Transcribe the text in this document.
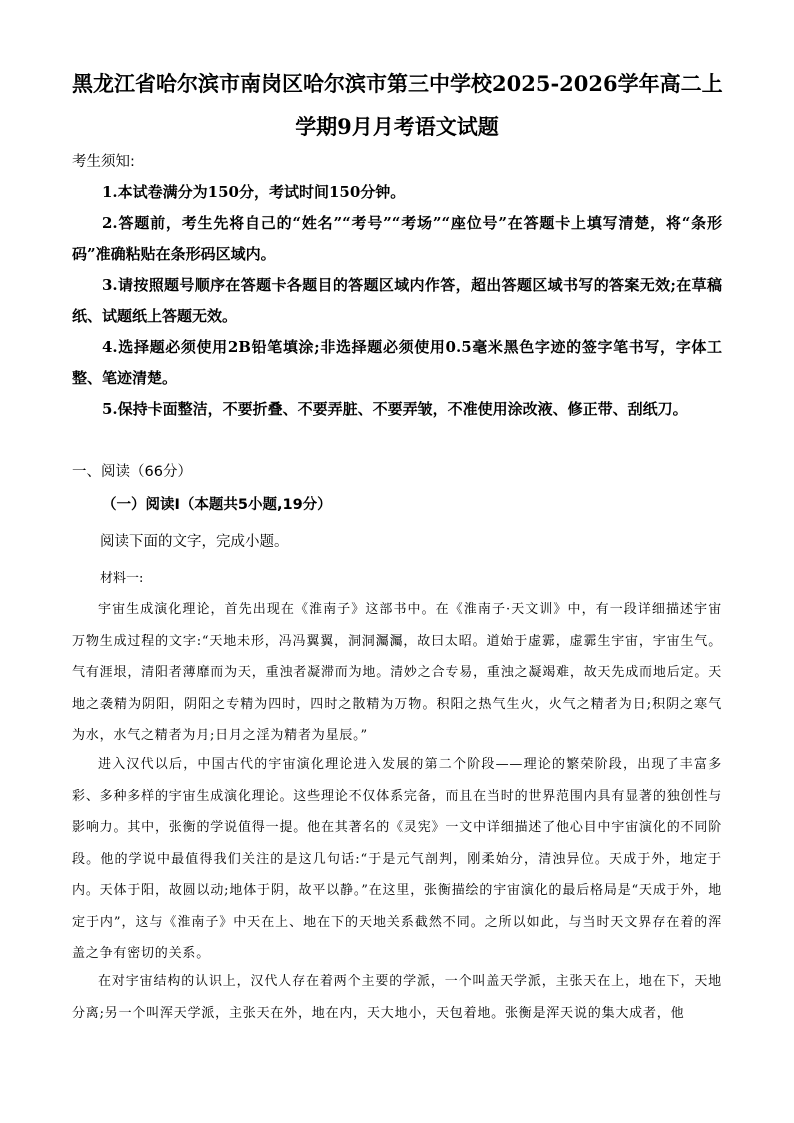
黑龙江省哈尔滨市南岗区哈尔滨市第三中学校2025-2026学年高二上
学期9月月考语文试题
考生须知:
1.本试卷满分为150分，考试时间150分钟。
2.答题前，考生先将自己的“姓名”“考号”“考场”“座位号”在答题卡上填写清楚，将“条形码”准确粘贴在条形码区域内。
3.请按照题号顺序在答题卡各题目的答题区域内作答，超出答题区域书写的答案无效;在草稿纸、试题纸上答题无效。
4.选择题必须使用2B铅笔填涂;非选择题必须使用0.5毫米黑色字迹的签字笔书写，字体工整、笔迹清楚。
5.保持卡面整洁，不要折叠、不要弄脏、不要弄皱，不准使用涂改液、修正带、刮纸刀。
一、阅读（66分）
（一）阅读Ⅰ（本题共5小题,19分）
阅读下面的文字，完成小题。
材料一:
宇宙生成演化理论，首先出现在《淮南子》这部书中。在《淮南子·天文训》中，有一段详细描述宇宙万物生成过程的文字:“天地未形，冯冯翼翼，洞洞灟灟，故曰太昭。道始于虚霩，虚霩生宇宙，宇宙生气。气有涯垠，清阳者薄靡而为天，重浊者凝滞而为地。清妙之合专易，重浊之凝竭难，故天先成而地后定。天地之袭精为阴阳，阴阳之专精为四时，四时之散精为万物。积阳之热气生火，火气之精者为日;积阴之寒气为水，水气之精者为月;日月之淫为精者为星辰。”
进入汉代以后，中国古代的宇宙演化理论进入发展的第二个阶段——理论的繁荣阶段，出现了丰富多彩、多种多样的宇宙生成演化理论。这些理论不仅体系完备，而且在当时的世界范围内具有显著的独创性与影响力。其中，张衡的学说值得一提。他在其著名的《灵宪》一文中详细描述了他心目中宇宙演化的不同阶段。他的学说中最值得我们关注的是这几句话:“于是元气剖判，刚柔始分，清浊异位。天成于外，地定于内。天体于阳，故圆以动;地体于阴，故平以静。”在这里，张衡描绘的宇宙演化的最后格局是“天成于外，地定于内”，这与《淮南子》中天在上、地在下的天地关系截然不同。之所以如此，与当时天文界存在着的浑盖之争有密切的关系。
在对宇宙结构的认识上，汉代人存在着两个主要的学派，一个叫盖天学派，主张天在上，地在下，天地分离;另一个叫浑天学派，主张天在外，地在内，天大地小，天包着地。张衡是浑天说的集大成者，他
